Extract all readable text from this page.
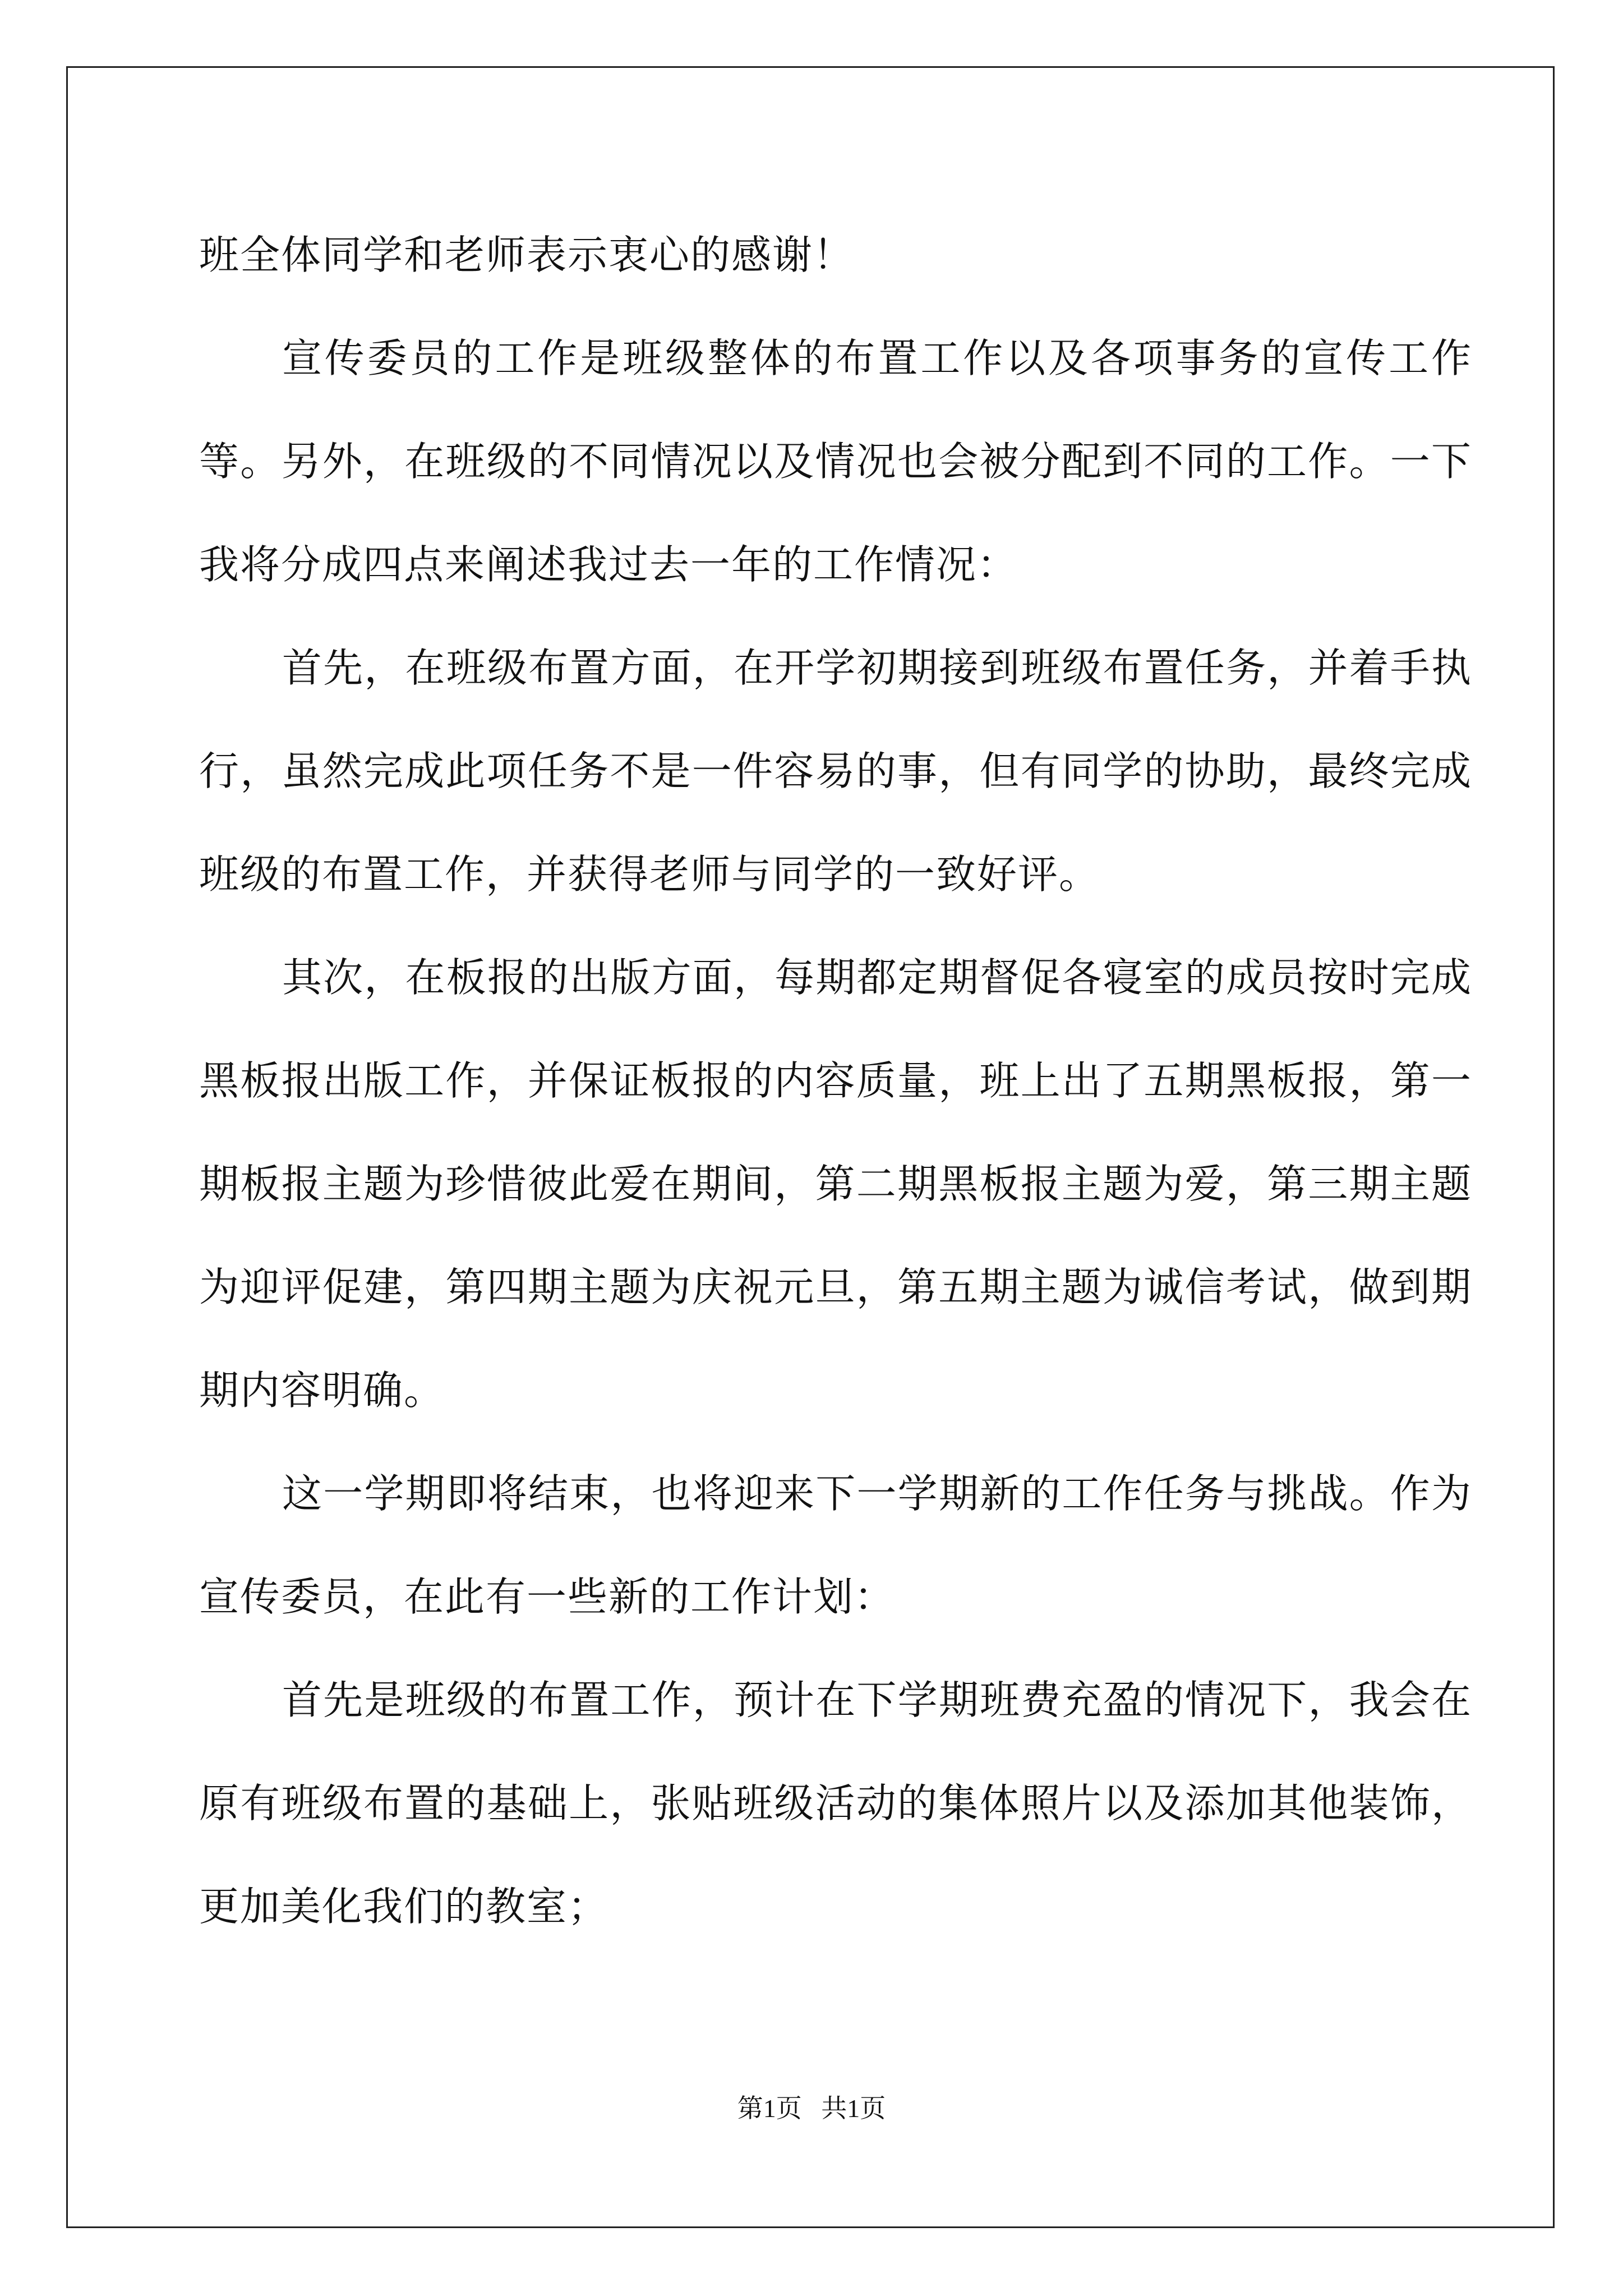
班全体同学和老师表示衷心的感谢！

宣传委员的工作是班级整体的布置工作以及各项事务的宣传工作等。另外，在班级的不同情况以及情况也会被分配到不同的工作。一下我将分成四点来阐述我过去一年的工作情况：

首先，在班级布置方面，在开学初期接到班级布置任务，并着手执行，虽然完成此项任务不是一件容易的事，但有同学的协助，最终完成班级的布置工作，并获得老师与同学的一致好评。

其次，在板报的出版方面，每期都定期督促各寝室的成员按时完成黑板报出版工作，并保证板报的内容质量，班上出了五期黑板报，第一期板报主题为珍惜彼此爱在期间，第二期黑板报主题为爱，第三期主题为迎评促建，第四期主题为庆祝元旦，第五期主题为诚信考试，做到期期内容明确。

这一学期即将结束，也将迎来下一学期新的工作任务与挑战。作为宣传委员，在此有一些新的工作计划：

首先是班级的布置工作，预计在下学期班费充盈的情况下，我会在原有班级布置的基础上，张贴班级活动的集体照片以及添加其他装饰，更加美化我们的教室；

第1页   共1页
